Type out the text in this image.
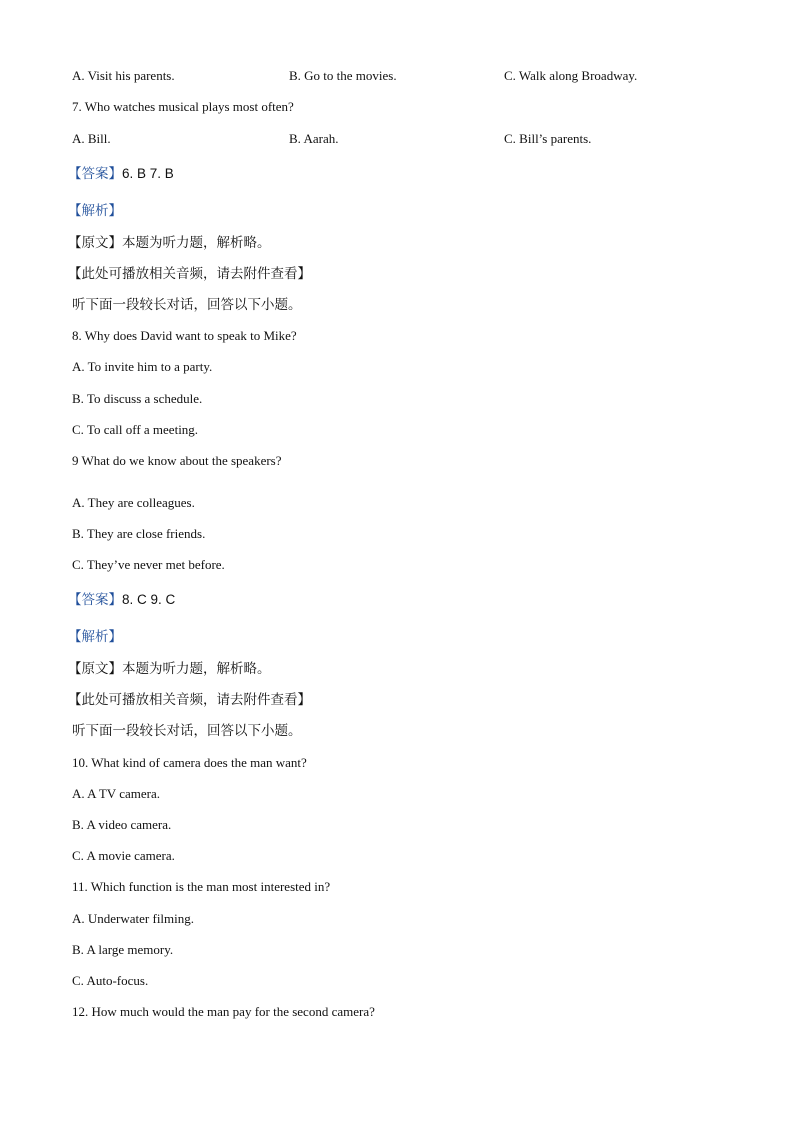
A. Visit his parents.	B. Go to the movies.	C. Walk along Broadway.
7. Who watches musical plays most often?
A. Bill.	B. Aarah.	C. Bill’s parents.
【答案】6. B 7. B
【解析】
【原文】本题为听力题，解析略。
【此处可播放相关音频，请去附件查看】
听下面一段较长对话，回答以下小题。
8. Why does David want to speak to Mike?
A. To invite him to a party.
B. To discuss a schedule.
C. To call off a meeting.
9 What do we know about the speakers?
A. They are colleagues.
B. They are close friends.
C. They’ve never met before.
【答案】8. C 9. C
【解析】
【原文】本题为听力题，解析略。
【此处可播放相关音频，请去附件查看】
听下面一段较长对话，回答以下小题。
10. What kind of camera does the man want?
A. A TV camera.
B. A video camera.
C. A movie camera.
11. Which function is the man most interested in?
A. Underwater filming.
B. A large memory.
C. Auto-focus.
12. How much would the man pay for the second camera?
